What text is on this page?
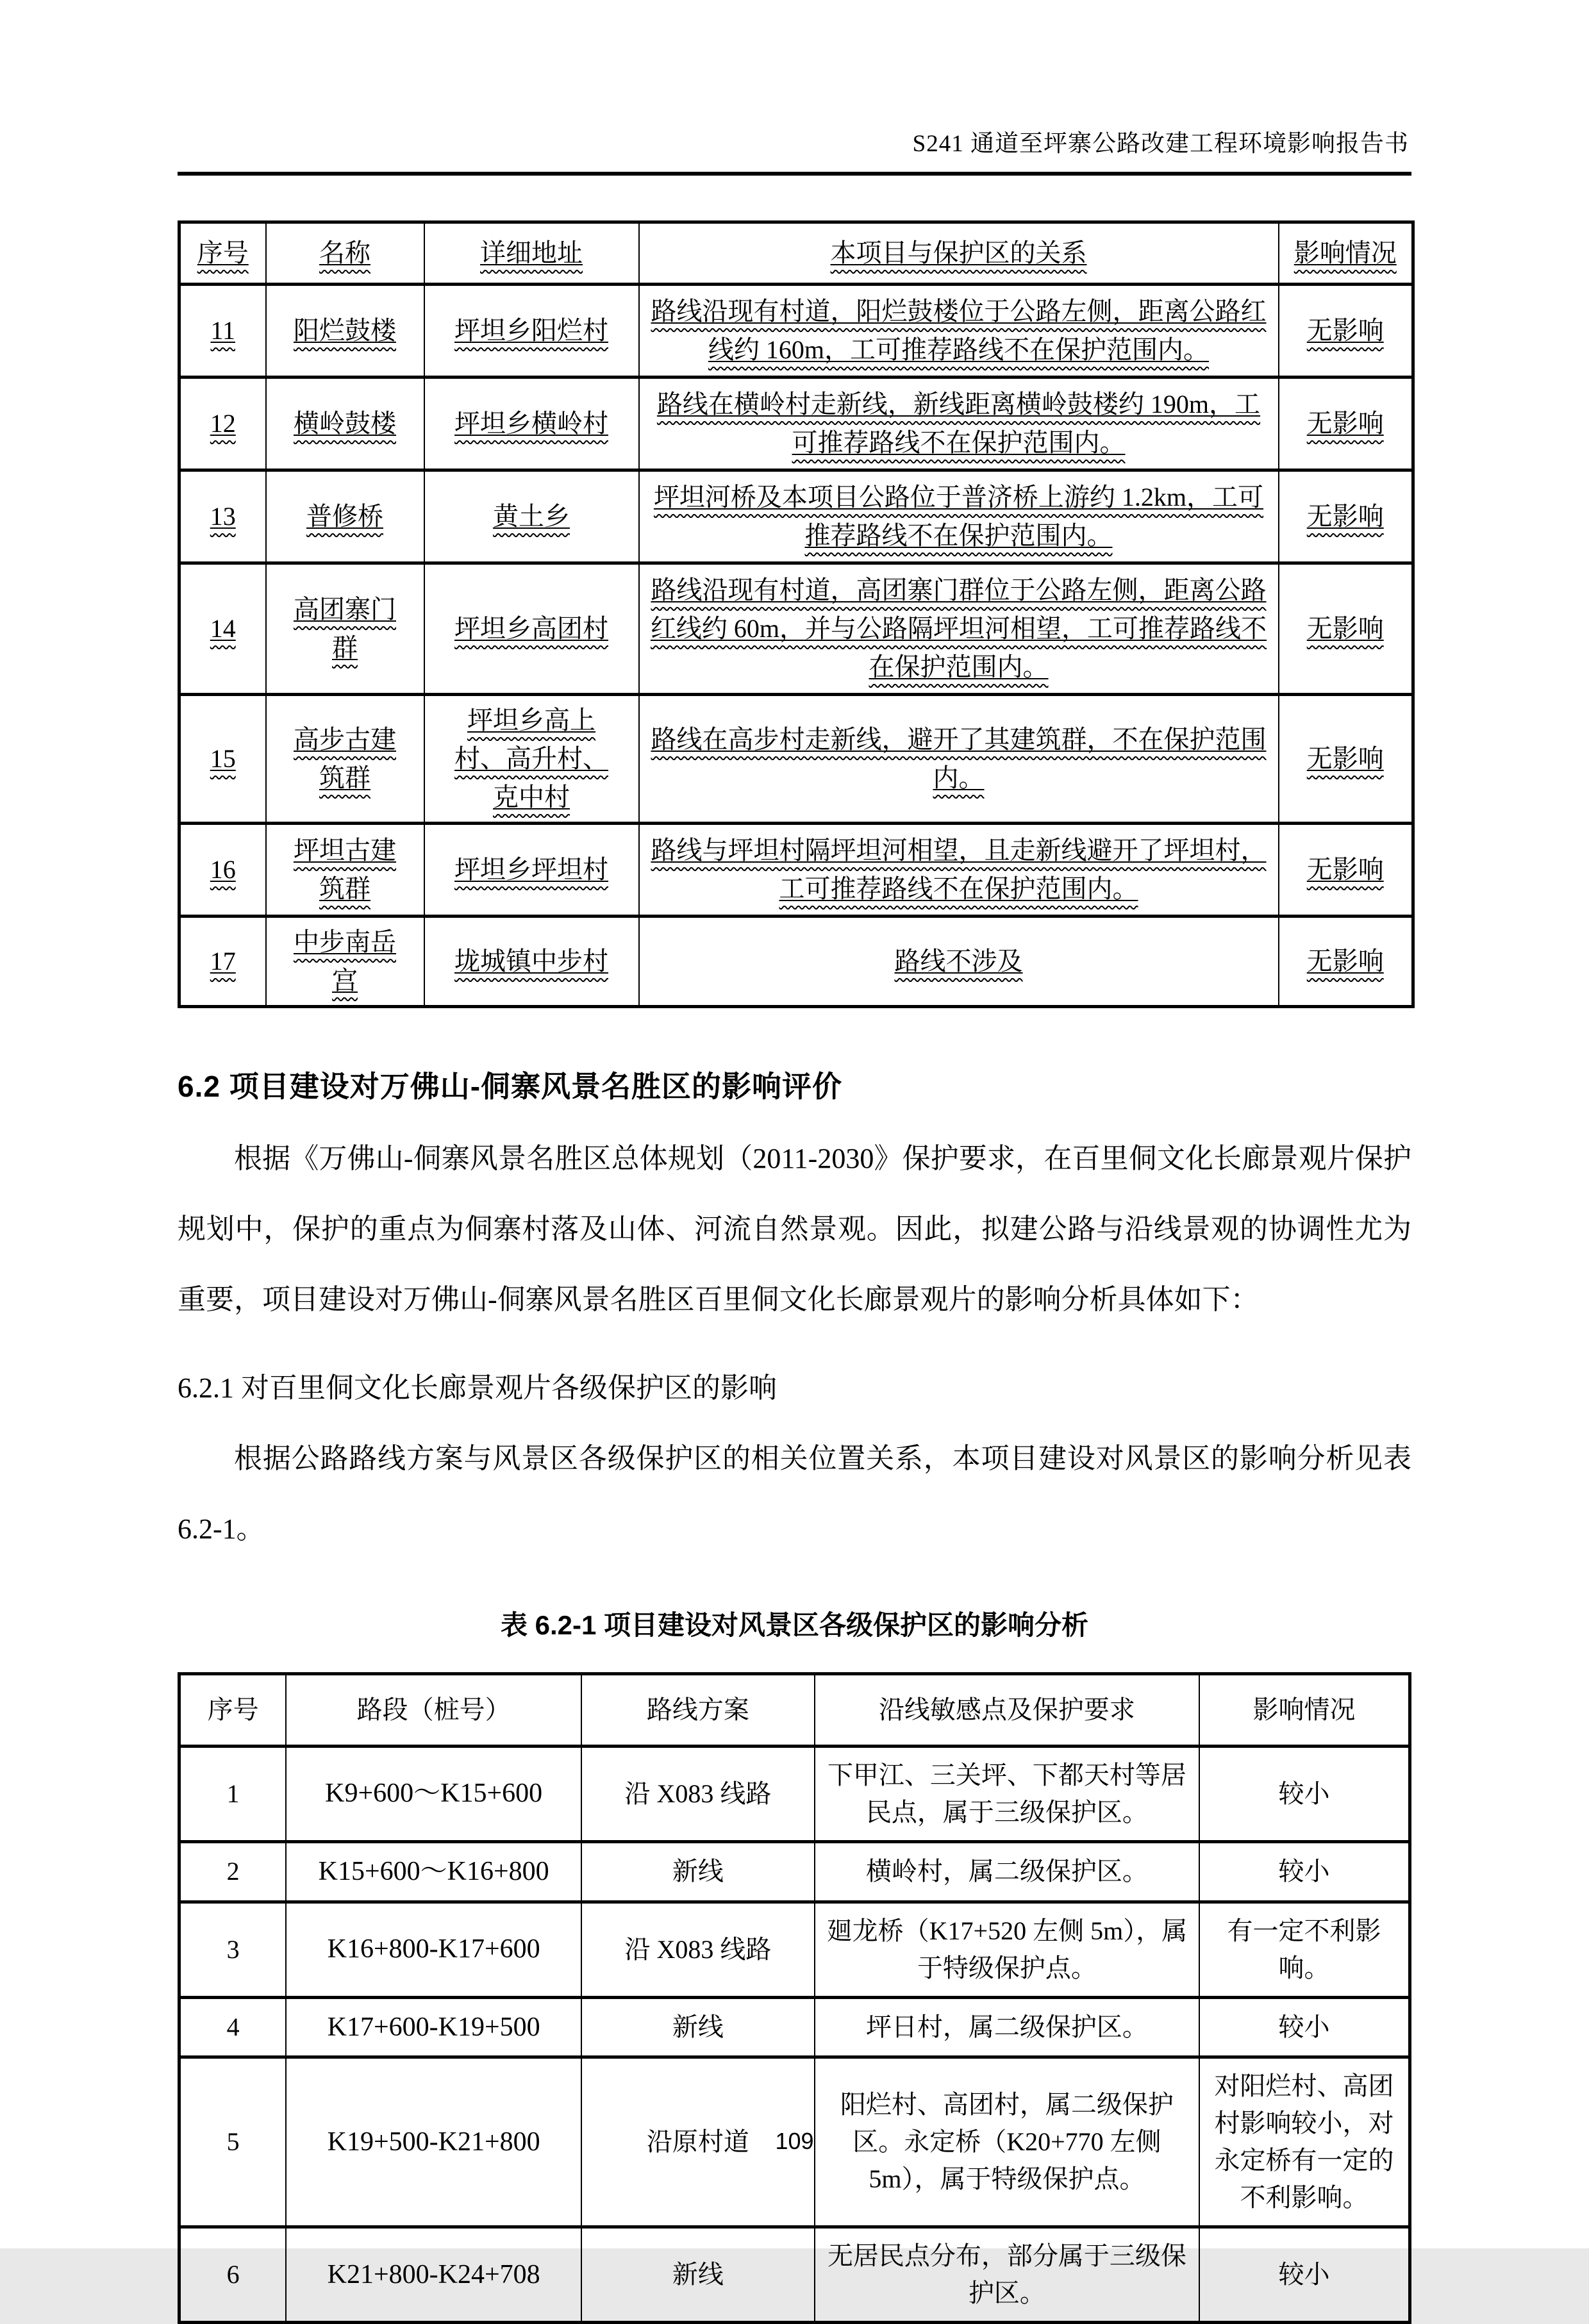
S241 通道至坪寨公路改建工程环境影响报告书
序号	名称	详细地址	本项目与保护区的关系	影响情况
11	阳烂鼓楼	坪坦乡阳烂村	路线沿现有村道，阳烂鼓楼位于公路左侧，距离公路红线约 160m，工可推荐路线不在保护范围内。	无影响
12	横岭鼓楼	坪坦乡横岭村	路线在横岭村走新线，新线距离横岭鼓楼约 190m，工可推荐路线不在保护范围内。	无影响
13	普修桥	黄土乡	坪坦河桥及本项目公路位于普济桥上游约 1.2km，工可推荐路线不在保护范围内。	无影响
14	高团寨门群	坪坦乡高团村	路线沿现有村道，高团寨门群位于公路左侧，距离公路红线约 60m，并与公路隔坪坦河相望，工可推荐路线不在保护范围内。	无影响
15	高步古建筑群	坪坦乡高上村、高升村、克中村	路线在高步村走新线，避开了其建筑群，不在保护范围内。	无影响
16	坪坦古建筑群	坪坦乡坪坦村	路线与坪坦村隔坪坦河相望，且走新线避开了坪坦村，工可推荐路线不在保护范围内。	无影响
17	中步南岳宫	垅城镇中步村	路线不涉及	无影响
6.2 项目建设对万佛山-侗寨风景名胜区的影响评价

根据《万佛山-侗寨风景名胜区总体规划（2011-2030》保护要求，在百里侗文化长廊景观片保护规划中，保护的重点为侗寨村落及山体、河流自然景观。因此，拟建公路与沿线景观的协调性尤为重要，项目建设对万佛山-侗寨风景名胜区百里侗文化长廊景观片的影响分析具体如下：

6.2.1 对百里侗文化长廊景观片各级保护区的影响

根据公路路线方案与风景区各级保护区的相关位置关系，本项目建设对风景区的影响分析见表 6.2-1。

表 6.2-1 项目建设对风景区各级保护区的影响分析
序号	路段（桩号）	路线方案	沿线敏感点及保护要求	影响情况
1	K9+600～K15+600	沿 X083 线路	下甲江、三关坪、下都天村等居民点，属于三级保护区。	较小
2	K15+600～K16+800	新线	横岭村，属二级保护区。	较小
3	K16+800-K17+600	沿 X083 线路	廻龙桥（K17+520 左侧 5m），属于特级保护点。	有一定不利影响。
4	K17+600-K19+500	新线	坪日村，属二级保护区。	较小
5	K19+500-K21+800	沿原村道	阳烂村、高团村，属二级保护区。永定桥（K20+770 左侧 5m），属于特级保护点。	对阳烂村、高团村影响较小，对永定桥有一定的不利影响。
6	K21+800-K24+708	新线	无居民点分布，部分属于三级保护区。	较小
109
